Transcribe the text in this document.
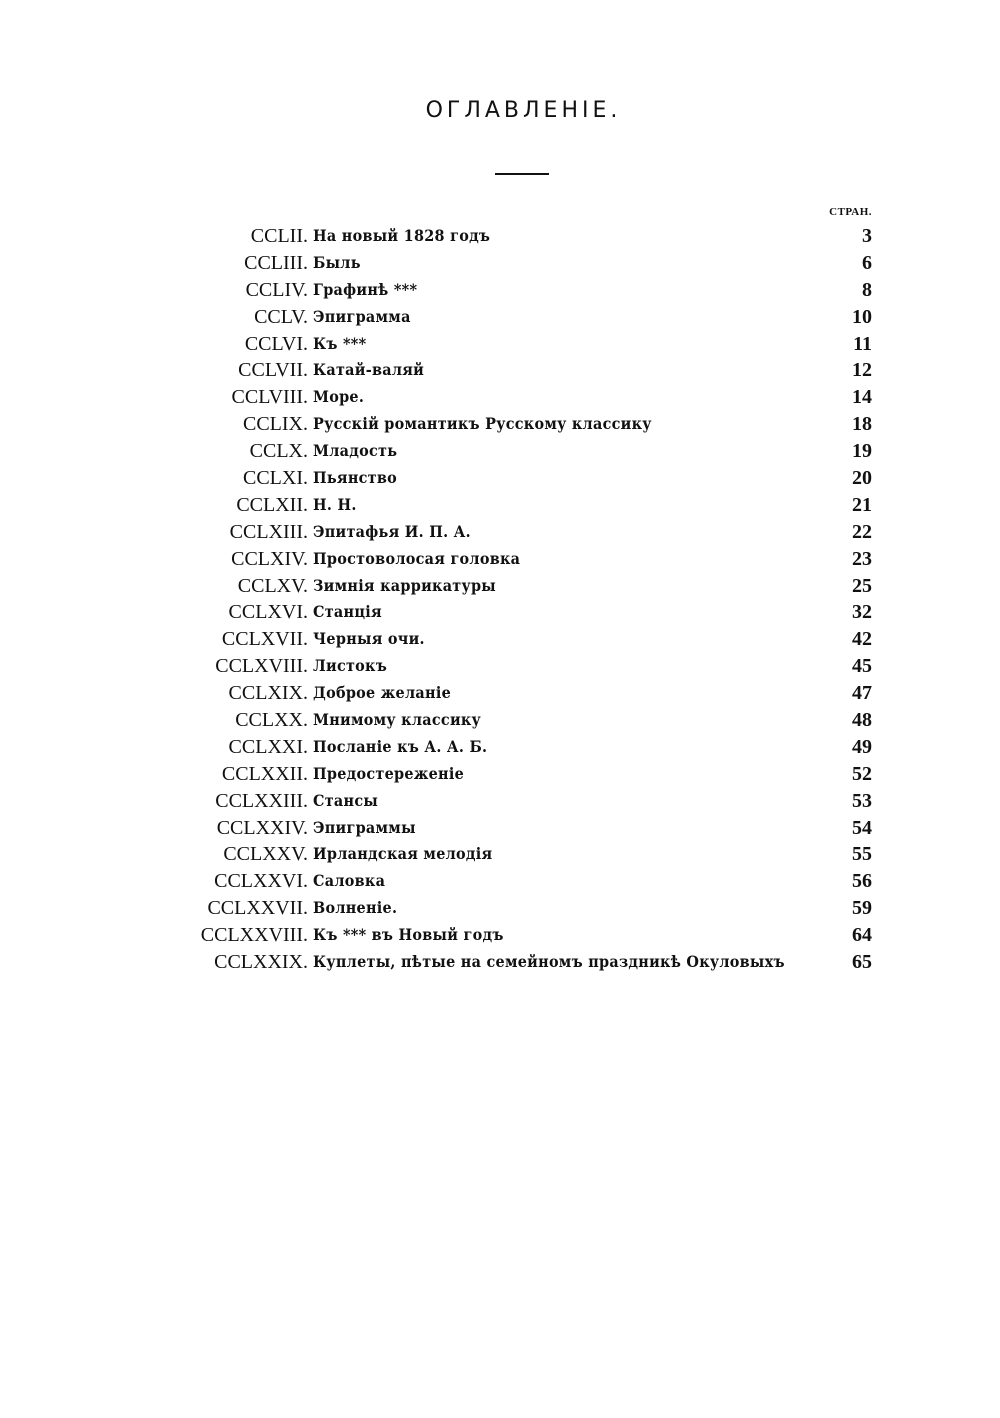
ОГЛАВЛЕНІЕ.
СТРАН.
CCLII. На новый 1828 годъ	3
CCLIII. Быль	6
CCLIV. Графинѣ ***	8
CCLV. Эпиграмма	10
CCLVI. Къ ***	11
CCLVII. Катай-валяй	12
CCLVIII. Море.	14
CCLIX. Русскій романтикъ Русскому классику	18
CCLX. Младость	19
CCLXI. Пьянство	20
CCLXII. Н. Н.	21
CCLXIII. Эпитафья И. П. А.	22
CCLXIV. Простоволосая головка	23
CCLXV. Зимнія каррикатуры	25
CCLXVI. Станція	32
CCLXVII. Черныя очи.	42
CCLXVIII. Листокъ	45
CCLXIX. Доброе желаніе	47
CCLXX. Мнимому классику	48
CCLXXI. Посланіе къ А. А. Б.	49
CCLXXII. Предостереженіе	52
CCLXXIII. Стансы	53
CCLXXIV. Эпиграммы	54
CCLXXV. Ирландская мелодія	55
CCLXXVI. Саловка	56
CCLXXVII. Волненіе.	59
CCLXXVIII. Къ *** въ Новый годъ	64
CCLXXIX. Куплеты, пѣтые на семейномъ праздникѣ Окуловыхъ	65
